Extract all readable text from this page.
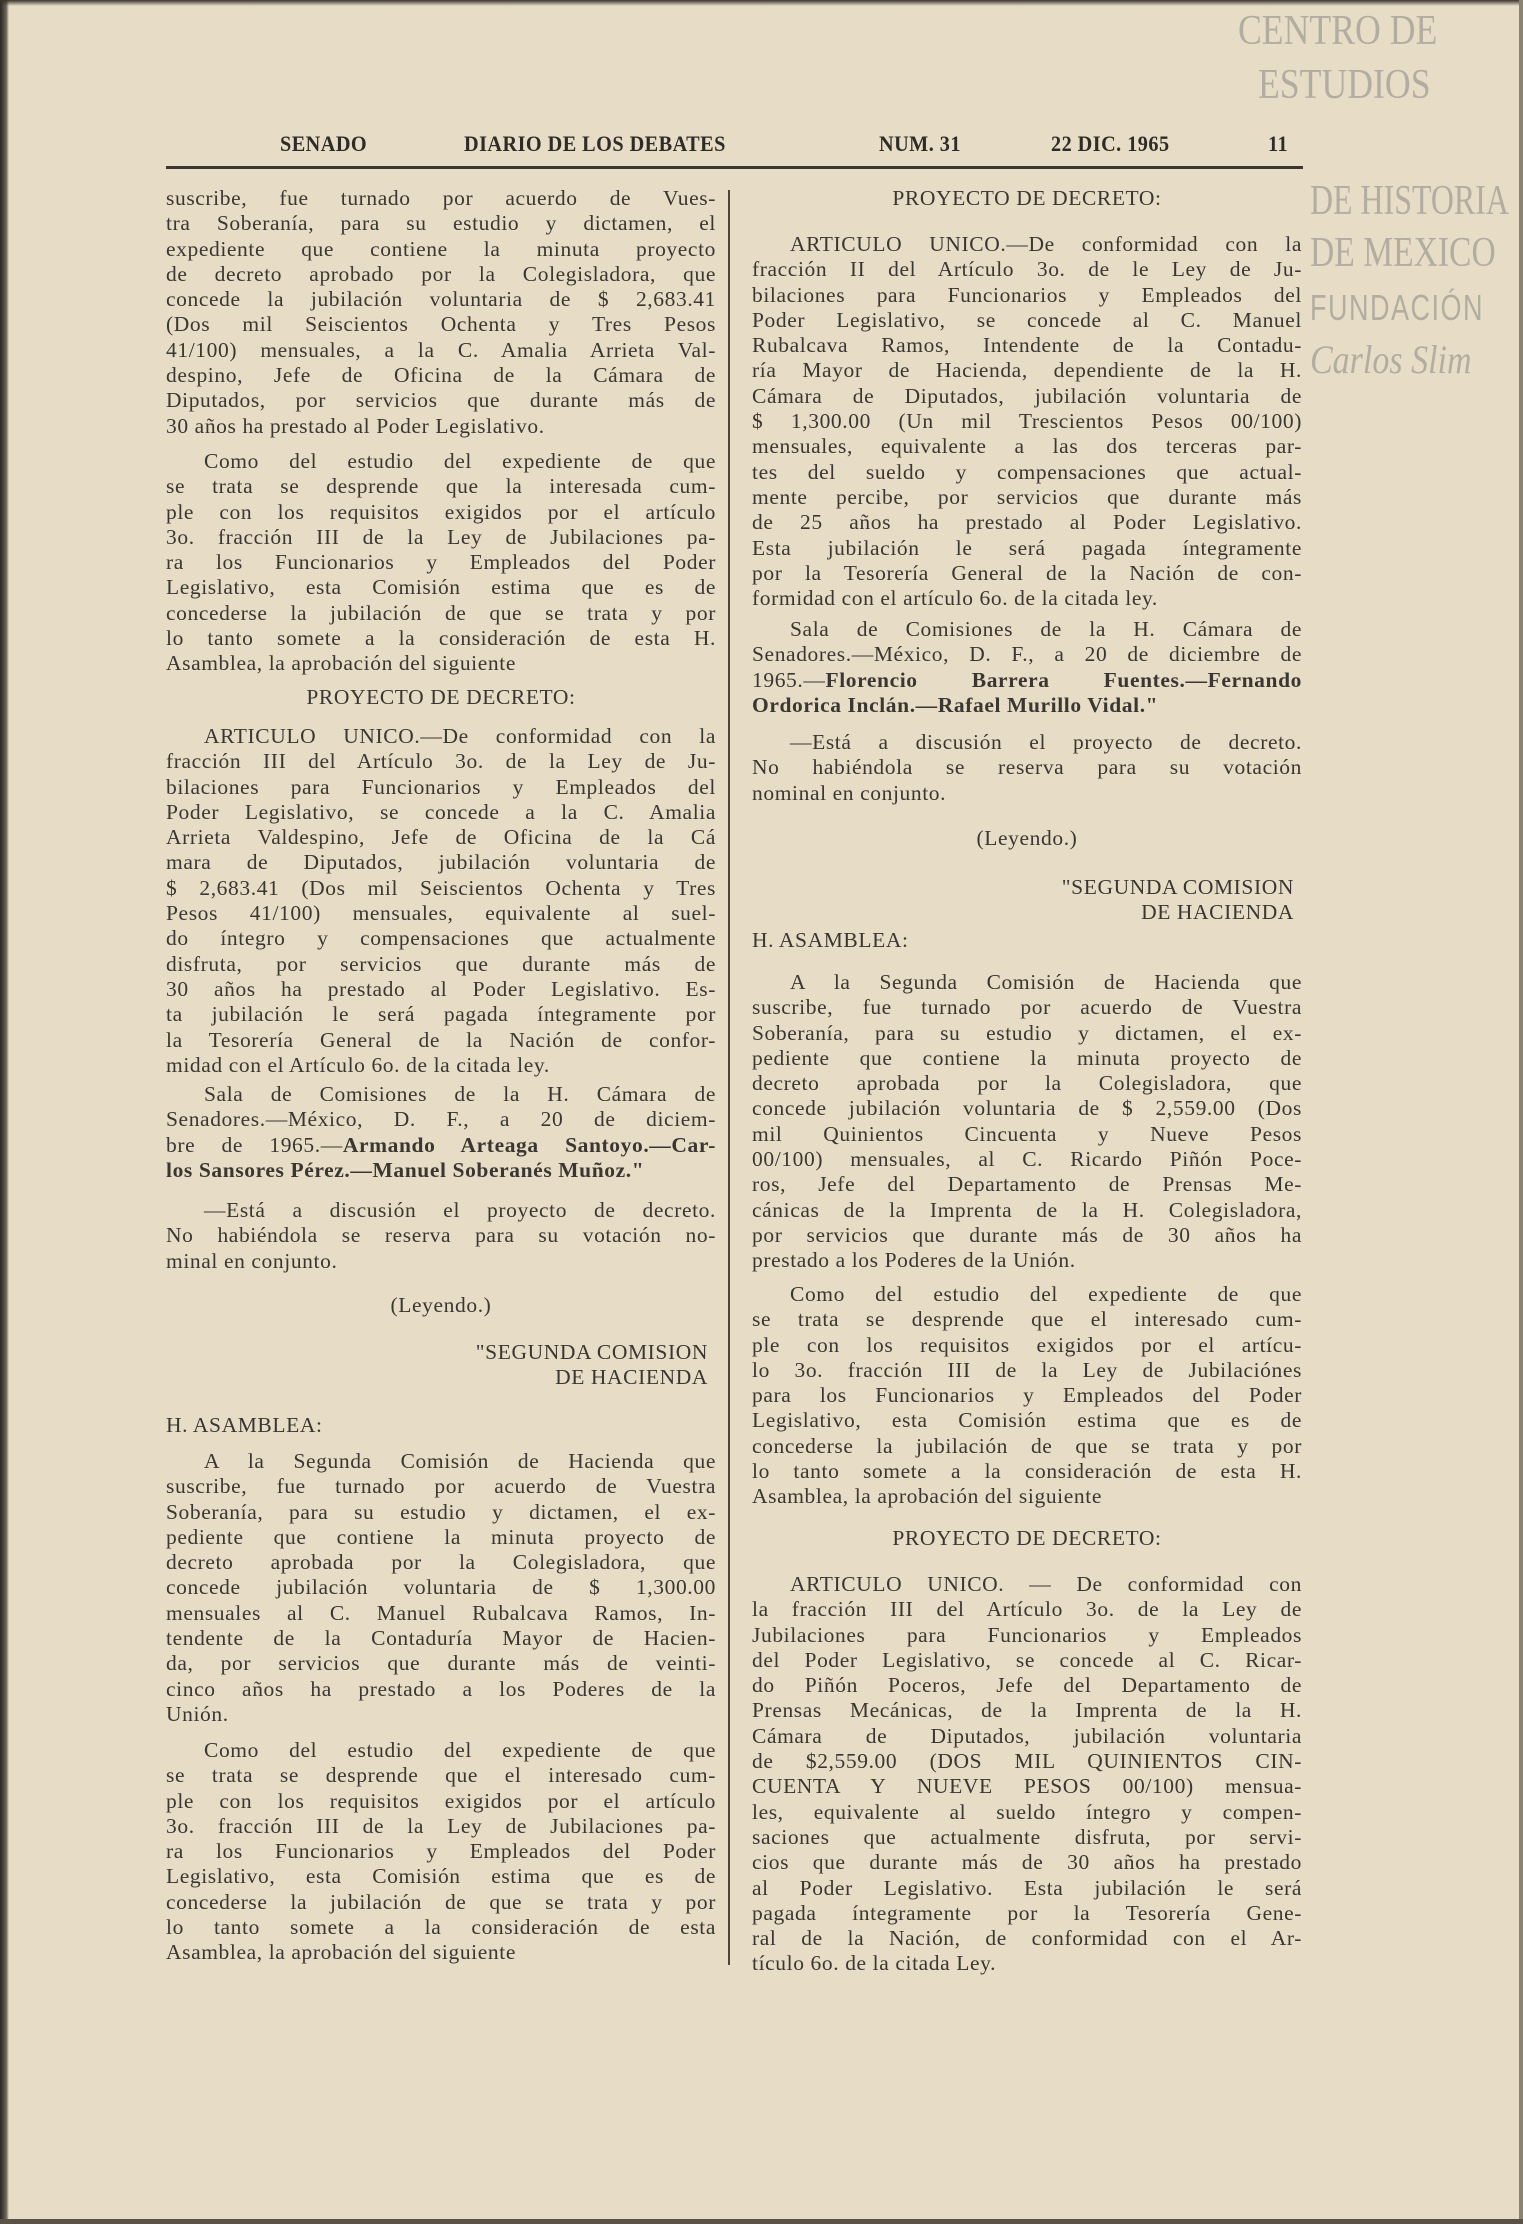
CENTRO DE
ESTUDIOS
DE HISTORIA
DE MEXICO
FUNDACIÓN
Carlos Slim
SENADO	DIARIO DE LOS DEBATES	NUM. 31	22 DIC. 1965	11
suscribe, fue turnado por acuerdo de Vues-
tra Soberanía, para su estudio y dictamen, el
expediente que contiene la minuta proyecto
de decreto aprobado por la Colegisladora, que
concede la jubilación voluntaria de $ 2,683.41
(Dos mil Seiscientos Ochenta y Tres Pesos
41/100) mensuales, a la C. Amalia Arrieta Val-
despino, Jefe de Oficina de la Cámara de
Diputados, por servicios que durante más de
30 años ha prestado al Poder Legislativo.
Como del estudio del expediente de que
se trata se desprende que la interesada cum-
ple con los requisitos exigidos por el artículo
3o. fracción III de la Ley de Jubilaciones pa-
ra los Funcionarios y Empleados del Poder
Legislativo, esta Comisión estima que es de
concederse la jubilación de que se trata y por
lo tanto somete a la consideración de esta H.
Asamblea, la aprobación del siguiente
PROYECTO DE DECRETO:
ARTICULO UNICO.—De conformidad con la
fracción III del Artículo 3o. de la Ley de Ju-
bilaciones para Funcionarios y Empleados del
Poder Legislativo, se concede a la C. Amalia
Arrieta Valdespino, Jefe de Oficina de la Cá
mara de Diputados, jubilación voluntaria de
$ 2,683.41 (Dos mil Seiscientos Ochenta y Tres
Pesos 41/100) mensuales, equivalente al suel-
do íntegro y compensaciones que actualmente
disfruta, por servicios que durante más de
30 años ha prestado al Poder Legislativo. Es-
ta jubilación le será pagada íntegramente por
la Tesorería General de la Nación de confor-
midad con el Artículo 6o. de la citada ley.
Sala de Comisiones de la H. Cámara de
Senadores.—México, D. F., a 20 de diciem-
bre de 1965.—Armando Arteaga Santoyo.—Car-
los Sansores Pérez.—Manuel Soberanés Muñoz."
—Está a discusión el proyecto de decreto.
No habiéndola se reserva para su votación no-
minal en conjunto.
(Leyendo.)
"SEGUNDA COMISION
DE HACIENDA
H. ASAMBLEA:
A la Segunda Comisión de Hacienda que
suscribe, fue turnado por acuerdo de Vuestra
Soberanía, para su estudio y dictamen, el ex-
pediente que contiene la minuta proyecto de
decreto aprobada por la Colegisladora, que
concede jubilación voluntaria de $ 1,300.00
mensuales al C. Manuel Rubalcava Ramos, In-
tendente de la Contaduría Mayor de Hacien-
da, por servicios que durante más de veinti-
cinco años ha prestado a los Poderes de la
Unión.
Como del estudio del expediente de que
se trata se desprende que el interesado cum-
ple con los requisitos exigidos por el artículo
3o. fracción III de la Ley de Jubilaciones pa-
ra los Funcionarios y Empleados del Poder
Legislativo, esta Comisión estima que es de
concederse la jubilación de que se trata y por
lo tanto somete a la consideración de esta
Asamblea, la aprobación del siguiente
PROYECTO DE DECRETO:
ARTICULO UNICO.—De conformidad con la
fracción II del Artículo 3o. de le Ley de Ju-
bilaciones para Funcionarios y Empleados del
Poder Legislativo, se concede al C. Manuel
Rubalcava Ramos, Intendente de la Contadu-
ría Mayor de Hacienda, dependiente de la H.
Cámara de Diputados, jubilación voluntaria de
$ 1,300.00 (Un mil Trescientos Pesos 00/100)
mensuales, equivalente a las dos terceras par-
tes del sueldo y compensaciones que actual-
mente percibe, por servicios que durante más
de 25 años ha prestado al Poder Legislativo.
Esta jubilación le será pagada íntegramente
por la Tesorería General de la Nación de con-
formidad con el artículo 6o. de la citada ley.
Sala de Comisiones de la H. Cámara de
Senadores.—México, D. F., a 20 de diciembre de
1965.—Florencio Barrera Fuentes.—Fernando
Ordorica Inclán.—Rafael Murillo Vidal."
—Está a discusión el proyecto de decreto.
No habiéndola se reserva para su votación
nominal en conjunto.
(Leyendo.)
"SEGUNDA COMISION
DE HACIENDA
H. ASAMBLEA:
A la Segunda Comisión de Hacienda que
suscribe, fue turnado por acuerdo de Vuestra
Soberanía, para su estudio y dictamen, el ex-
pediente que contiene la minuta proyecto de
decreto aprobada por la Colegisladora, que
concede jubilación voluntaria de $ 2,559.00 (Dos
mil Quinientos Cincuenta y Nueve Pesos
00/100) mensuales, al C. Ricardo Piñón Poce-
ros, Jefe del Departamento de Prensas Me-
cánicas de la Imprenta de la H. Colegisladora,
por servicios que durante más de 30 años ha
prestado a los Poderes de la Unión.
Como del estudio del expediente de que
se trata se desprende que el interesado cum-
ple con los requisitos exigidos por el artícu-
lo 3o. fracción III de la Ley de Jubilaciónes
para los Funcionarios y Empleados del Poder
Legislativo, esta Comisión estima que es de
concederse la jubilación de que se trata y por
lo tanto somete a la consideración de esta H.
Asamblea, la aprobación del siguiente
PROYECTO DE DECRETO:
ARTICULO UNICO. — De conformidad con
la fracción III del Artículo 3o. de la Ley de
Jubilaciones para Funcionarios y Empleados
del Poder Legislativo, se concede al C. Ricar-
do Piñón Poceros, Jefe del Departamento de
Prensas Mecánicas, de la Imprenta de la H.
Cámara de Diputados, jubilación voluntaria
de $2,559.00 (DOS MIL QUINIENTOS CIN-
CUENTA Y NUEVE PESOS 00/100) mensua-
les, equivalente al sueldo íntegro y compen-
saciones que actualmente disfruta, por servi-
cios que durante más de 30 años ha prestado
al Poder Legislativo. Esta jubilación le será
pagada íntegramente por la Tesorería Gene-
ral de la Nación, de conformidad con el Ar-
tículo 6o. de la citada Ley.
